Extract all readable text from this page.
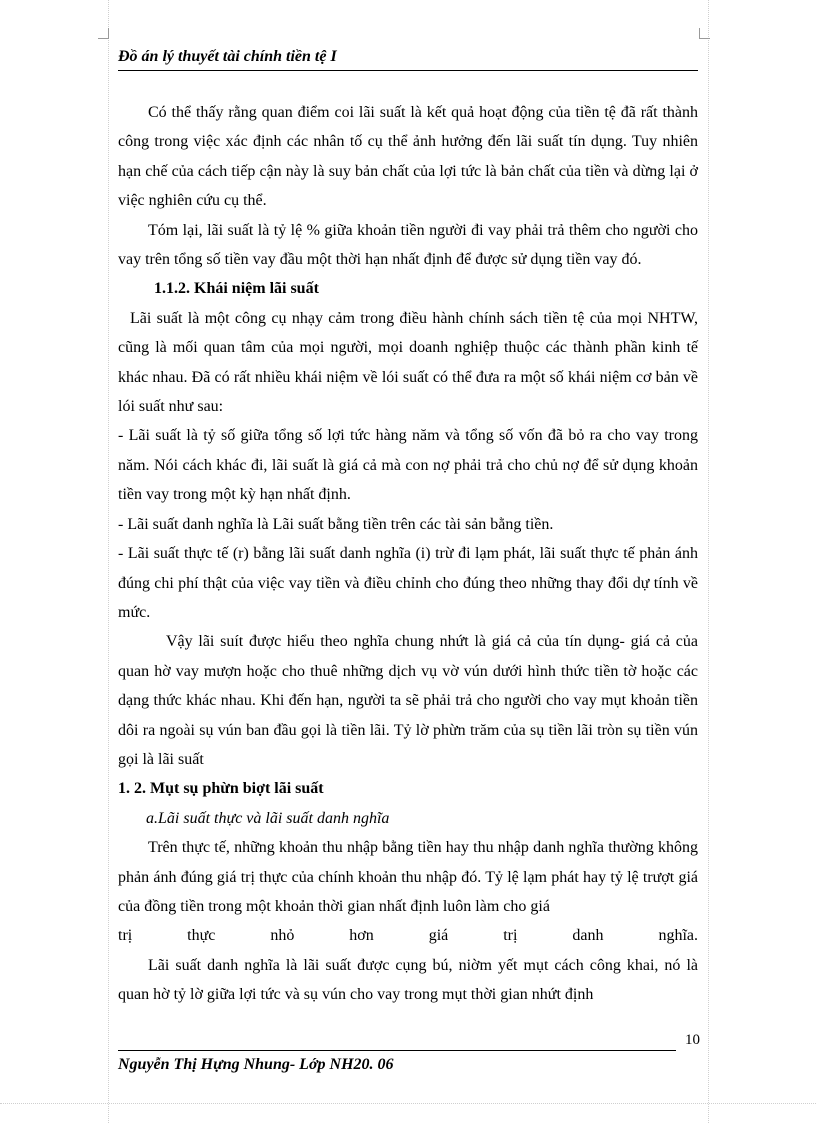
Đồ án lý thuyết tài chính tiền tệ I

Có thể thấy rằng quan điểm coi lãi suất là kết quả hoạt động của tiền tệ đã rất thành công trong việc xác định các nhân tố cụ thể ảnh hưởng đến lãi suất tín dụng. Tuy nhiên hạn chế của cách tiếp cận này là suy bản chất của lợi tức là bản chất của tiền và dừng lại ở việc nghiên cứu cụ thể.

Tóm lại, lãi suất là tỷ lệ % giữa khoản tiền người đi vay phải trả thêm cho người cho vay trên tổng số tiền vay đầu một thời hạn nhất định để được sử dụng tiền vay đó.

1.1.2. Khái niệm lãi suất

Lãi suất là một công cụ nhạy cảm trong điều hành chính sách tiền tệ của mọi NHTW, cũng là mối quan tâm của mọi người, mọi doanh nghiệp thuộc các thành phần kinh tế khác nhau. Đã có rất nhiều khái niệm về lói suất có thể đưa ra một số khái niệm cơ bản về lói suất như sau:

- Lãi suất là tỷ số giữa tổng số lợi tức hàng năm và tổng số vốn đã bỏ ra cho vay trong năm. Nói cách khác đi, lãi suất là giá cả mà con nợ phải trả cho chủ nợ để sử dụng khoản tiền vay trong một kỳ hạn nhất định.

- Lãi suất danh nghĩa là Lãi suất bằng tiền trên các tài sản bằng tiền.

- Lãi suất thực tế (r) bằng lãi suất danh nghĩa (i) trừ đi lạm phát, lãi suất thực tế phản ánh đúng chi phí thật của việc vay tiền và điều chỉnh cho đúng theo những thay đổi dự tính về mức.

Vậy lãi suít được hiểu theo nghĩa chung nhứt là giá cả của tín dụng- giá cả của quan hờ vay mượn hoặc cho thuê những dịch vụ vờ vún dưới hình thức tiền tờ hoặc các dạng thức khác nhau. Khi đến hạn, người ta sẽ phải trả cho người cho vay mụt khoản tiền dôi ra ngoài sụ vún ban đầu gọi là tiền lãi. Tỷ lờ phừn trăm của sụ tiền lãi tròn sụ tiền vún gọi là lãi suất

1. 2. Mụt sụ phừn biợt lãi suất

a.Lãi suất thực và lãi suất danh nghĩa

Trên thực tế, những khoản thu nhập bằng tiền hay thu nhập danh nghĩa thường không phản ánh đúng giá trị thực của chính khoản thu nhập đó. Tỷ lệ lạm phát hay tỷ lệ trượt giá của đồng tiền trong một khoản thời gian nhất định luôn làm cho giá

trị thực nhỏ hơn giá trị danh nghĩa.

Lãi suất danh nghĩa là lãi suất được cụng bú, niờm yết mụt cách công khai, nó là quan hờ tỷ lờ giữa lợi tức và sụ vún cho vay trong mụt thời gian nhứt định

10
Nguyễn Thị Hựng Nhung- Lớp NH20. 06
